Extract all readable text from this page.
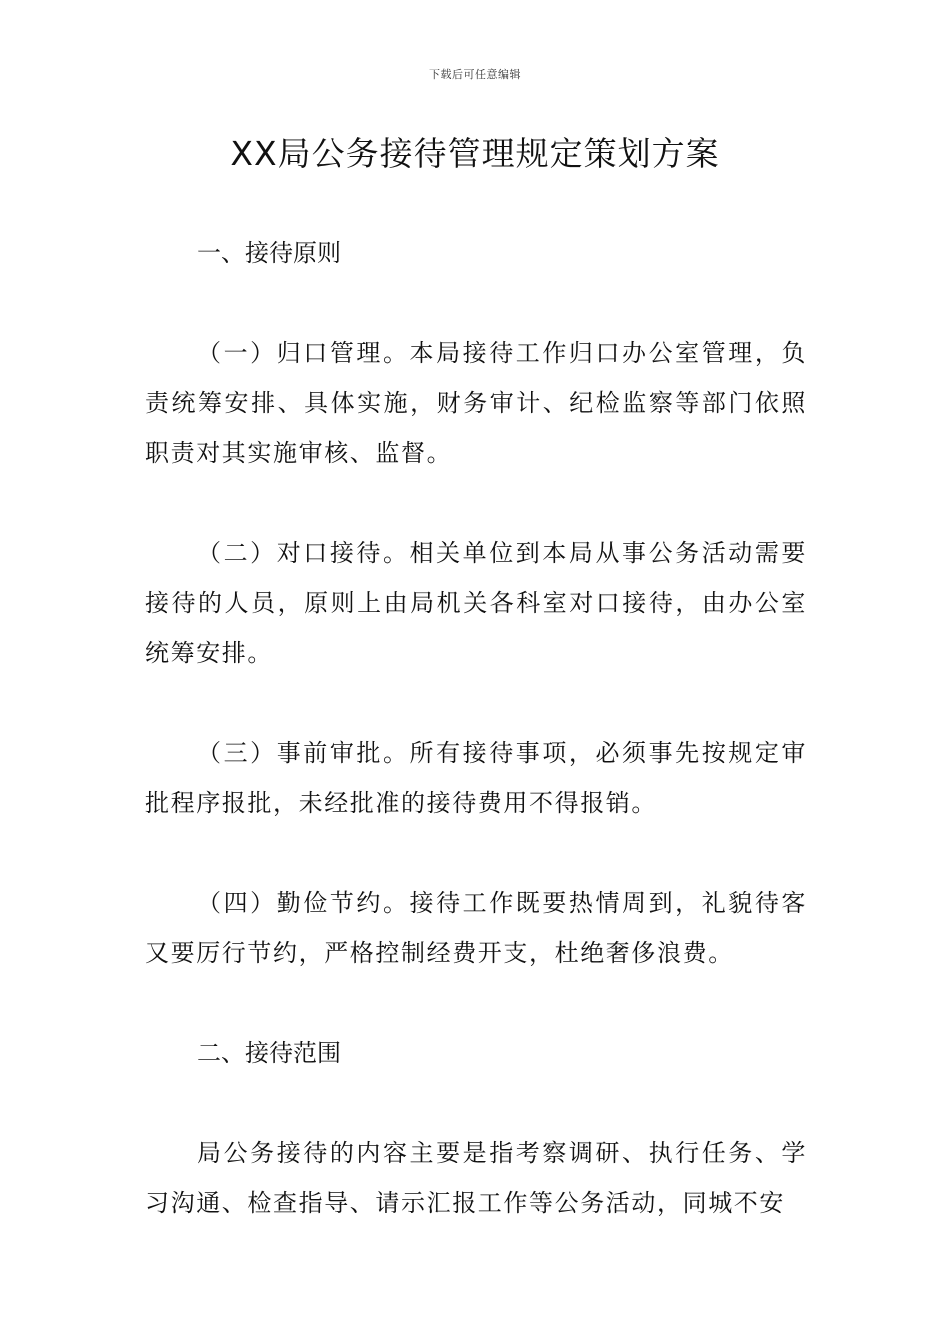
下载后可任意编辑
XX局公务接待管理规定策划方案

一、接待原则

（一）归口管理。本局接待工作归口办公室管理，负责统筹安排、具体实施，财务审计、纪检监察等部门依照职责对其实施审核、监督。

（二）对口接待。相关单位到本局从事公务活动需要接待的人员，原则上由局机关各科室对口接待，由办公室统筹安排。

（三）事前审批。所有接待事项，必须事先按规定审批程序报批，未经批准的接待费用不得报销。

（四）勤俭节约。接待工作既要热情周到，礼貌待客又要厉行节约，严格控制经费开支，杜绝奢侈浪费。

二、接待范围

局公务接待的内容主要是指考察调研、执行任务、学习沟通、检查指导、请示汇报工作等公务活动，同城不安
